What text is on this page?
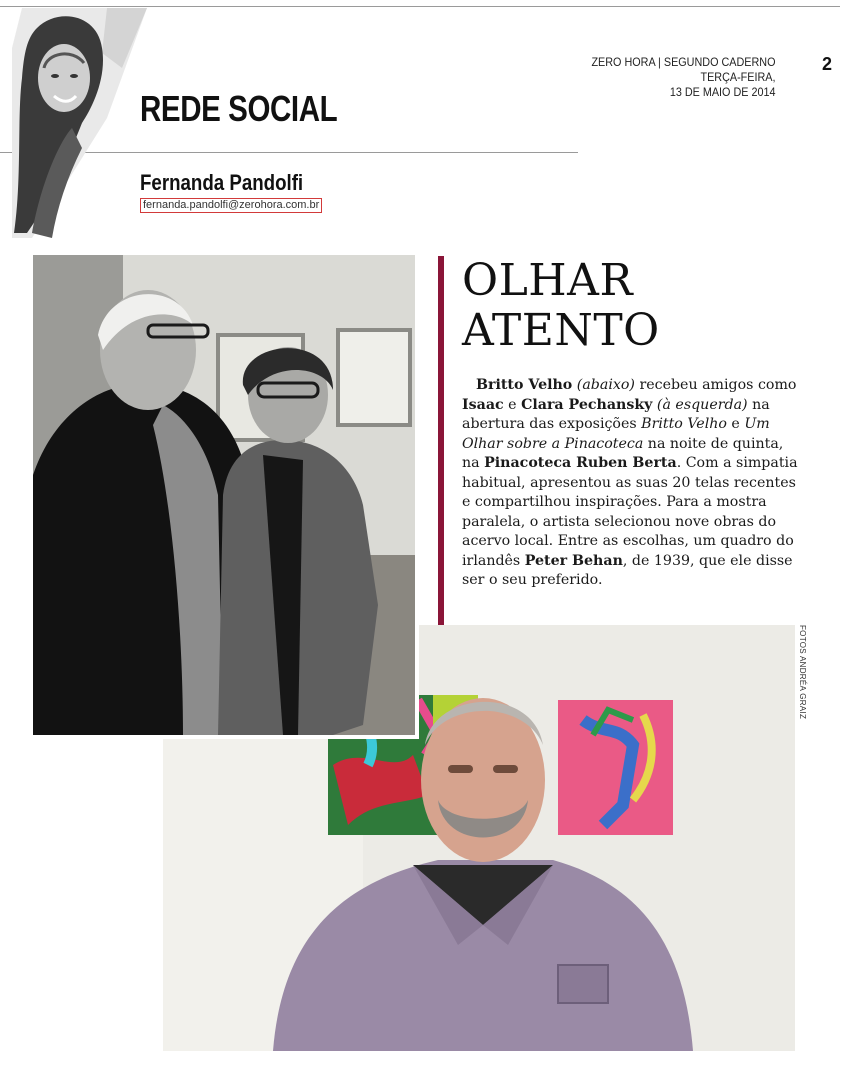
REDE SOCIAL
Fernanda Pandolfi
fernanda.pandolfi@zerohora.com.br
ZERO HORA | SEGUNDO CADERNO
TERÇA-FEIRA,
13 DE MAIO DE 2014
2
OLHAR
ATENTO

Britto Velho (abaixo) recebeu amigos como Isaac e Clara Pechansky (à esquerda) na abertura das exposições Britto Velho e Um Olhar sobre a Pinacoteca na noite de quinta, na Pinacoteca Ruben Berta. Com a simpatia habitual, apresentou as suas 20 telas recentes e compartilhou inspirações. Para a mostra paralela, o artista selecionou nove obras do acervo local. Entre as escolhas, um quadro do irlandês Peter Behan, de 1939, que ele disse ser o seu preferido.

FOTOS ANDRÉA GRAIZ
